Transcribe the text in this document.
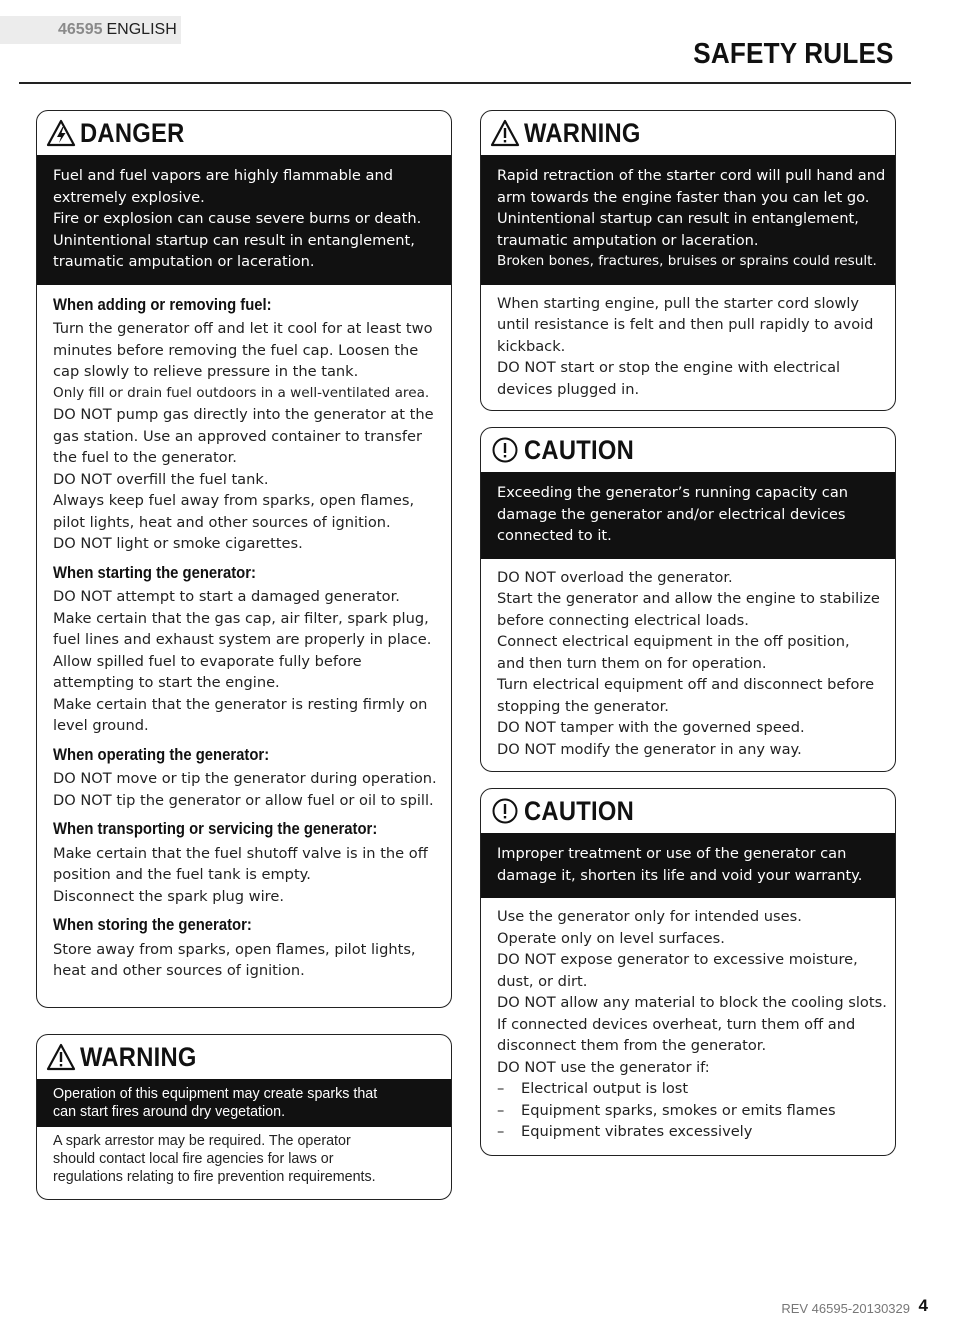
46595 ENGLISH
SAFETY RULES
DANGER
Fuel and fuel vapors are highly flammable and
extremely explosive.
Fire or explosion can cause severe burns or death.
Unintentional startup can result in entanglement,
traumatic amputation or laceration.
When adding or removing fuel:
Turn the generator off and let it cool for at least two
minutes before removing the fuel cap. Loosen the
cap slowly to relieve pressure in the tank.
Only fill or drain fuel outdoors in a well-ventilated area.
DO NOT pump gas directly into the generator at the
gas station. Use an approved container to transfer
the fuel to the generator.
DO NOT overfill the fuel tank.
Always keep fuel away from sparks, open flames,
pilot lights, heat and other sources of ignition.
DO NOT light or smoke cigarettes.
When starting the generator:
DO NOT attempt to start a damaged generator.
Make certain that the gas cap, air filter, spark plug,
fuel lines and exhaust system are properly in place.
Allow spilled fuel to evaporate fully before
attempting to start the engine.
Make certain that the generator is resting firmly on
level ground.
When operating the generator:
DO NOT move or tip the generator during operation.
DO NOT tip the generator or allow fuel or oil to spill.
When transporting or servicing the generator:
Make certain that the fuel shutoff valve is in the off
position and the fuel tank is empty.
Disconnect the spark plug wire.
When storing the generator:
Store away from sparks, open flames, pilot lights,
heat and other sources of ignition.
WARNING
Operation of this equipment may create sparks that
can start fires around dry vegetation.
A spark arrestor may be required. The operator
should contact local fire agencies for laws or
regulations relating to fire prevention requirements.
WARNING
Rapid retraction of the starter cord will pull hand and
arm towards the engine faster than you can let go.
Unintentional startup can result in entanglement,
traumatic amputation or laceration.
Broken bones, fractures, bruises or sprains could result.
When starting engine, pull the starter cord slowly
until resistance is felt and then pull rapidly to avoid
kickback.
DO NOT start or stop the engine with electrical
devices plugged in.
CAUTION
Exceeding the generator’s running capacity can
damage the generator and/or electrical devices
connected to it.
DO NOT overload the generator.
Start the generator and allow the engine to stabilize
before connecting electrical loads.
Connect electrical equipment in the off position,
and then turn them on for operation.
Turn electrical equipment off and disconnect before
stopping the generator.
DO NOT tamper with the governed speed.
DO NOT modify the generator in any way.
CAUTION
Improper treatment or use of the generator can
damage it, shorten its life and void your warranty.
Use the generator only for intended uses.
Operate only on level surfaces.
DO NOT expose generator to excessive moisture,
dust, or dirt.
DO NOT allow any material to block the cooling slots.
If connected devices overheat, turn them off and
disconnect them from the generator.
DO NOT use the generator if:
– Electrical output is lost
– Equipment sparks, smokes or emits flames
– Equipment vibrates excessively
REV 46595-20130329 4
